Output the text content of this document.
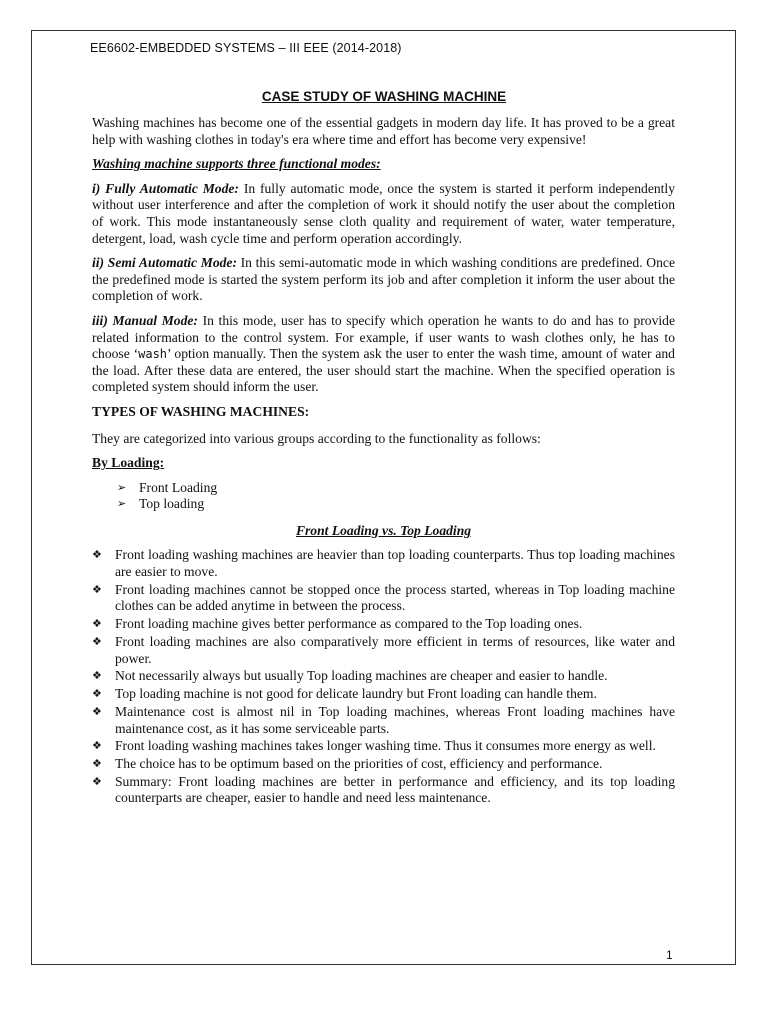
EE6602-EMBEDDED SYSTEMS – III EEE (2014-2018)
CASE STUDY OF WASHING MACHINE

Washing machines has become one of the essential gadgets in modern day life. It has proved to be a great help with washing clothes in today's era where time and effort has become very expensive!

Washing machine supports three functional modes:

i) Fully Automatic Mode: In fully automatic mode, once the system is started it perform independently without user interference and after the completion of work it should notify the user about the completion of work. This mode instantaneously sense cloth quality and requirement of water, water temperature, detergent, load, wash cycle time and perform operation accordingly.

ii) Semi Automatic Mode: In this semi-automatic mode in which washing conditions are predefined. Once the predefined mode is started the system perform its job and after completion it inform the user about the completion of work.

iii) Manual Mode: In this mode, user has to specify which operation he wants to do and has to provide related information to the control system. For example, if user wants to wash clothes only, he has to choose ‘wash’ option manually. Then the system ask the user to enter the wash time, amount of water and the load. After these data are entered, the user should start the machine. When the specified operation is completed system should inform the user.

TYPES OF WASHING MACHINES:

They are categorized into various groups according to the functionality as follows:

By Loading:

➢ Front Loading
➢ Top loading

Front Loading vs. Top Loading

❖ Front loading washing machines are heavier than top loading counterparts. Thus top loading machines are easier to move.
❖ Front loading machines cannot be stopped once the process started, whereas in Top loading machine clothes can be added anytime in between the process.
❖ Front loading machine gives better performance as compared to the Top loading ones.
❖ Front loading machines are also comparatively more efficient in terms of resources, like water and power.
❖ Not necessarily always but usually Top loading machines are cheaper and easier to handle.
❖ Top loading machine is not good for delicate laundry but Front loading can handle them.
❖ Maintenance cost is almost nil in Top loading machines, whereas Front loading machines have maintenance cost, as it has some serviceable parts.
❖ Front loading washing machines takes longer washing time. Thus it consumes more energy as well.
❖ The choice has to be optimum based on the priorities of cost, efficiency and performance.
❖ Summary: Front loading machines are better in performance and efficiency, and its top loading counterparts are cheaper, easier to handle and need less maintenance.
1
